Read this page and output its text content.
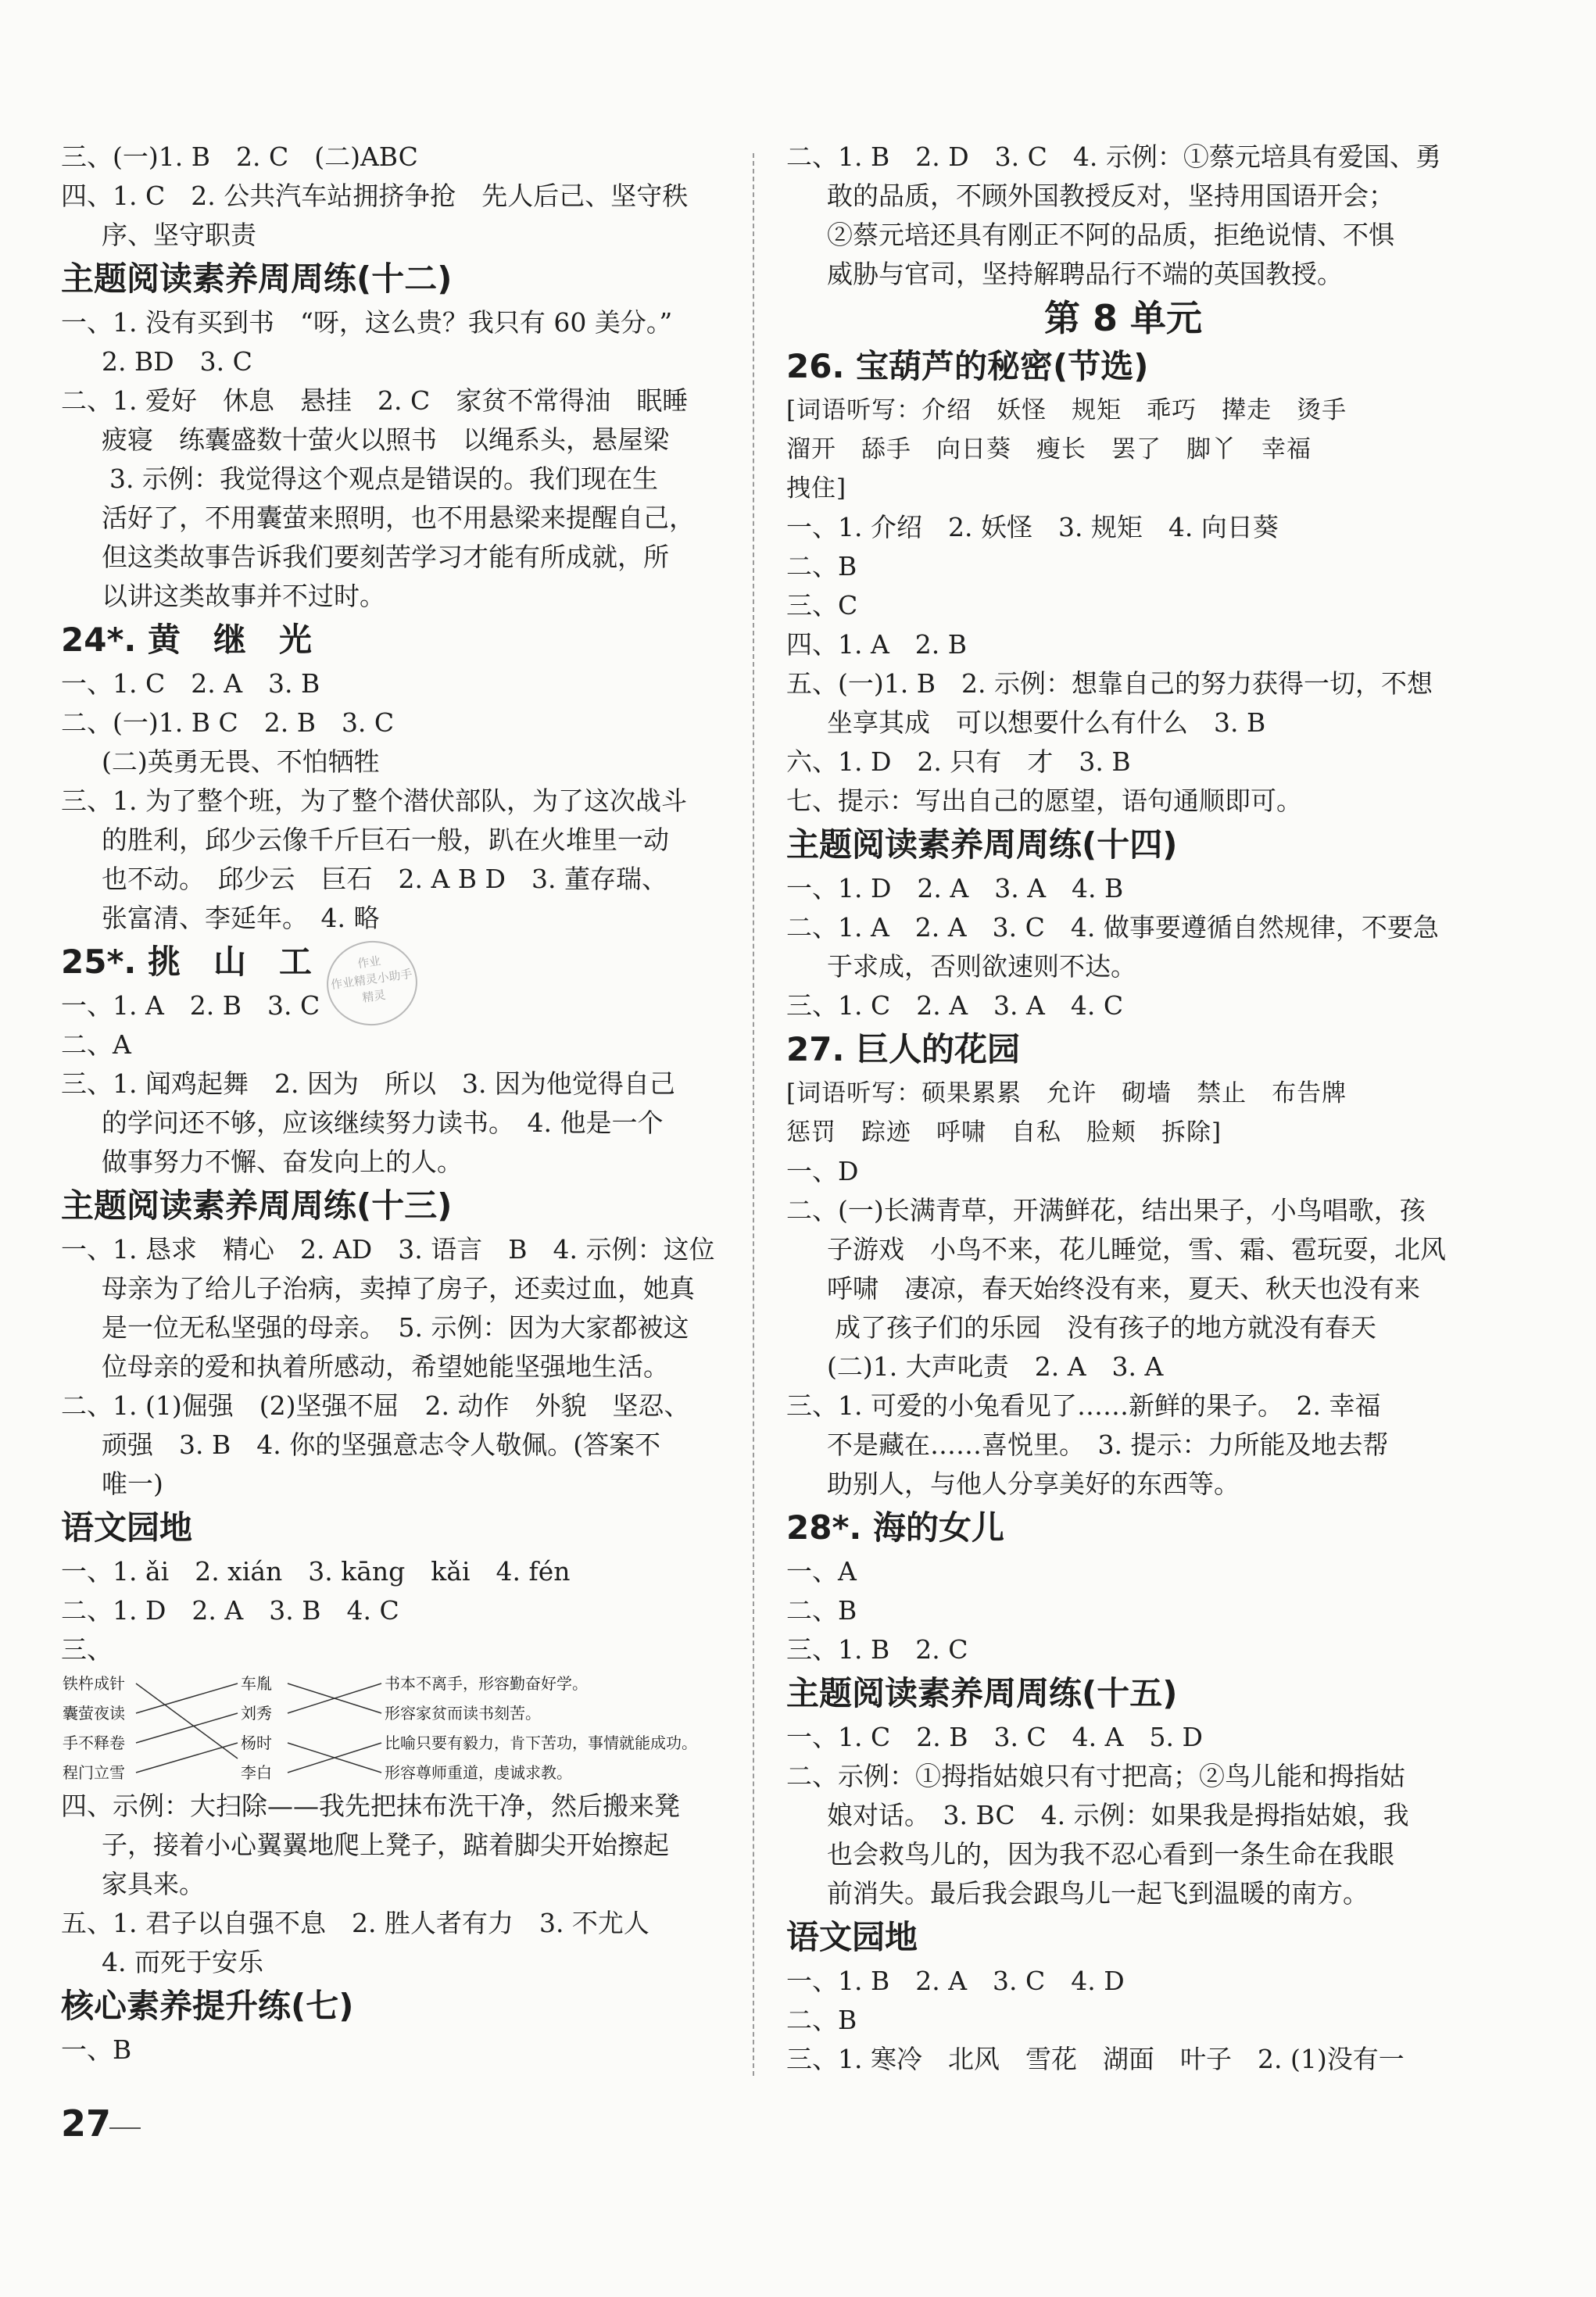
三、(一)1. B　2. C　(二)ABC
四、1. C　2. 公共汽车站拥挤争抢　先人后己、坚守秩
序、坚守职责
主题阅读素养周周练(十二)
一、1. 没有买到书　“呀，这么贵？我只有 60 美分。”
2. BD　3. C
二、1. 爱好　休息　悬挂　2. C　家贫不常得油　眠睡
疲寝　练囊盛数十萤火以照书　以绳系头，悬屋梁
3. 示例：我觉得这个观点是错误的。我们现在生
活好了，不用囊萤来照明，也不用悬梁来提醒自己，
但这类故事告诉我们要刻苦学习才能有所成就，所
以讲这类故事并不过时。
24*. 黄　继　光
一、1. C　2. A　3. B
二、(一)1. B C　2. B　3. C
(二)英勇无畏、不怕牺牲
三、1. 为了整个班，为了整个潜伏部队，为了这次战斗
的胜利，邱少云像千斤巨石一般，趴在火堆里一动
也不动。　邱少云　巨石　2. A B D　3. 董存瑞、
张富清、李延年。　4. 略
25*. 挑　山　工
一、1. A　2. B　3. C
二、A
三、1. 闻鸡起舞　2. 因为　所以　3. 因为他觉得自己
的学问还不够，应该继续努力读书。　4. 他是一个
做事努力不懈、奋发向上的人。
主题阅读素养周周练(十三)
一、1. 恳求　精心　2. AD　3. 语言　B　4. 示例：这位
母亲为了给儿子治病，卖掉了房子，还卖过血，她真
是一位无私坚强的母亲。　5. 示例：因为大家都被这
位母亲的爱和执着所感动，希望她能坚强地生活。
二、1. (1)倔强　(2)坚强不屈　2. 动作　外貌　坚忍、
顽强　3. B　4. 你的坚强意志令人敬佩。(答案不
唯一)
语文园地
一、1. ǎi　2. xián　3. kāng　kǎi　4. fén
二、1. D　2. A　3. B　4. C
三、
铁杵成针
囊萤夜读
手不释卷
程门立雪
车胤
刘秀
杨时
李白
书本不离手，形容勤奋好学。
形容家贫而读书刻苦。
比喻只要有毅力，肯下苦功，事情就能成功。
形容尊师重道，虔诚求教。
四、示例：大扫除——我先把抹布洗干净，然后搬来凳
子，接着小心翼翼地爬上凳子，踮着脚尖开始擦起
家具来。
五、1. 君子以自强不息　2. 胜人者有力　3. 不尤人
4. 而死于安乐
核心素养提升练(七)
一、B
二、1. B　2. D　3. C　4. 示例：①蔡元培具有爱国、勇
敢的品质，不顾外国教授反对，坚持用国语开会；
②蔡元培还具有刚正不阿的品质，拒绝说情、不惧
威胁与官司，坚持解聘品行不端的英国教授。
第 8 单元
26. 宝葫芦的秘密(节选)
[词语听写：介绍　妖怪　规矩　乖巧　撵走　烫手
溜开　舔手　向日葵　瘦长　罢了　脚丫　幸福
拽住]
一、1. 介绍　2. 妖怪　3. 规矩　4. 向日葵
二、B
三、C
四、1. A　2. B
五、(一)1. B　2. 示例：想靠自己的努力获得一切，不想
坐享其成　可以想要什么有什么　3. B
六、1. D　2. 只有　才　3. B
七、提示：写出自己的愿望，语句通顺即可。
主题阅读素养周周练(十四)
一、1. D　2. A　3. A　4. B
二、1. A　2. A　3. C　4. 做事要遵循自然规律，不要急
于求成，否则欲速则不达。
三、1. C　2. A　3. A　4. C
27. 巨人的花园
[词语听写：硕果累累　允许　砌墙　禁止　布告牌
惩罚　踪迹　呼啸　自私　脸颊　拆除]
一、D
二、(一)长满青草，开满鲜花，结出果子，小鸟唱歌，孩
子游戏　小鸟不来，花儿睡觉，雪、霜、雹玩耍，北风
呼啸　凄凉，春天始终没有来，夏天、秋天也没有来
成了孩子们的乐园　没有孩子的地方就没有春天
(二)1. 大声叱责　2. A　3. A
三、1. 可爱的小兔看见了……新鲜的果子。　2. 幸福
不是藏在……喜悦里。　3. 提示：力所能及地去帮
助别人，与他人分享美好的东西等。
28*. 海的女儿
一、A
二、B
三、1. B　2. C
主题阅读素养周周练(十五)
一、1. C　2. B　3. C　4. A　5. D
二、示例：①拇指姑娘只有寸把高；②鸟儿能和拇指姑
娘对话。　3. BC　4. 示例：如果我是拇指姑娘，我
也会救鸟儿的，因为我不忍心看到一条生命在我眼
前消失。最后我会跟鸟儿一起飞到温暖的南方。
语文园地
一、1. B　2. A　3. C　4. D
二、B
三、1. 寒冷　北风　雪花　湖面　叶子　2. (1)没有一
作业
作业精灵小助手
精灵
27
